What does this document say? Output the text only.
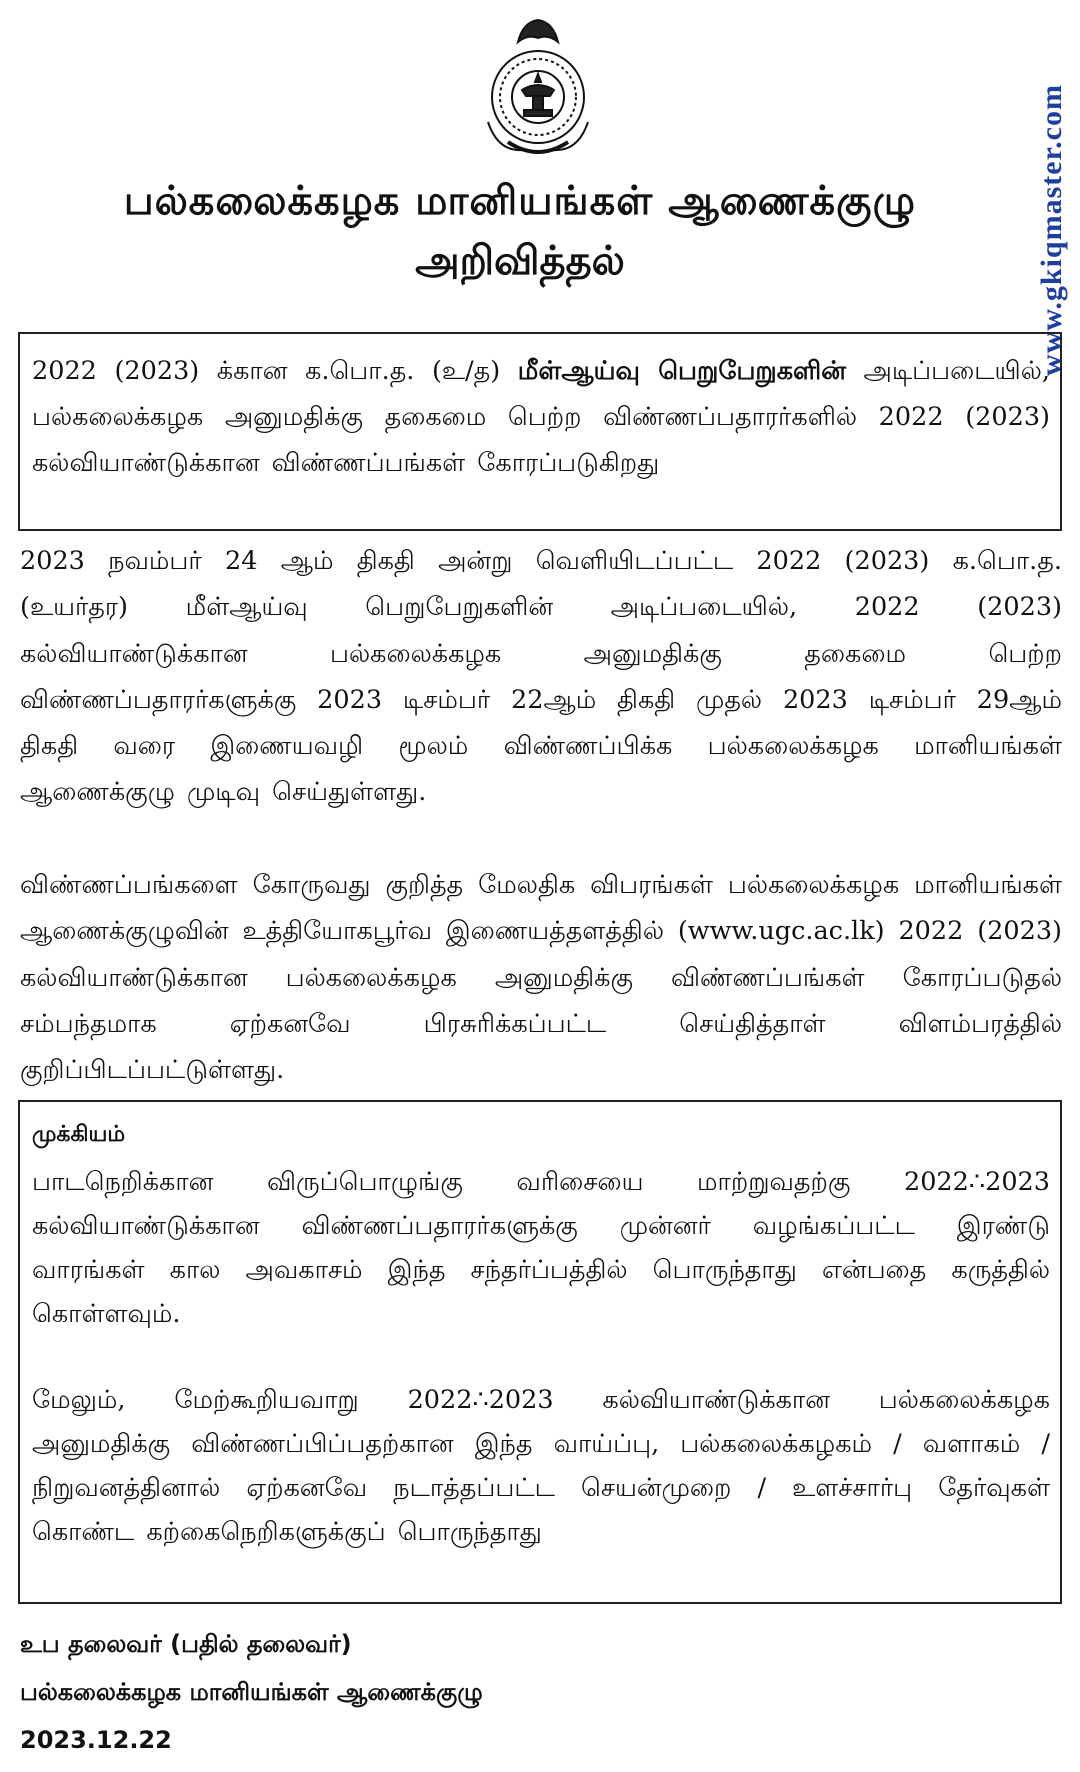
பல்கலைக்கழக மானியங்கள் ஆணைக்குழு
அறிவித்தல்	www.gkiqmaster.com

2022 (2023) க்கான க.பொ.த. (உ/த) மீள்ஆய்வு பெறுபேறுகளின் அடிப்படையில், பல்கலைக்கழக அனுமதிக்கு தகைமை பெற்ற விண்ணப்பதாரர்களில் 2022 (2023) கல்வியாண்டுக்கான விண்ணப்பங்கள் கோரப்படுகிறது

2023 நவம்பர் 24 ஆம் திகதி அன்று வெளியிடப்பட்ட 2022 (2023) க.பொ.த.(உயர்தர) மீள்ஆய்வு பெறுபேறுகளின் அடிப்படையில், 2022 (2023) கல்வியாண்டுக்கான பல்கலைக்கழக அனுமதிக்கு தகைமை பெற்ற விண்ணப்பதாரர்களுக்கு 2023 டிசம்பர் 22ஆம் திகதி முதல் 2023 டிசம்பர் 29ஆம் திகதி வரை இணையவழி மூலம் விண்ணப்பிக்க பல்கலைக்கழக மானியங்கள் ஆணைக்குழு முடிவு செய்துள்ளது.

விண்ணப்பங்களை கோருவது குறித்த மேலதிக விபரங்கள் பல்கலைக்கழக மானியங்கள் ஆணைக்குழுவின் உத்தியோகபூர்வ இணையத்தளத்தில் (www.ugc.ac.lk) 2022 (2023) கல்வியாண்டுக்கான பல்கலைக்கழக அனுமதிக்கு விண்ணப்பங்கள் கோரப்படுதல் சம்பந்தமாக ஏற்கனவே பிரசுரிக்கப்பட்ட செய்தித்தாள் விளம்பரத்தில் குறிப்பிடப்பட்டுள்ளது.

முக்கியம்

பாடநெறிக்கான விருப்பொழுங்கு வரிசையை மாற்றுவதற்கு 2022∴2023 கல்வியாண்டுக்கான விண்ணப்பதாரர்களுக்கு முன்னர் வழங்கப்பட்ட இரண்டு வாரங்கள் கால அவகாசம் இந்த சந்தர்ப்பத்தில் பொருந்தாது என்பதை கருத்தில் கொள்ளவும்.

மேலும், மேற்கூறியவாறு 2022∴2023 கல்வியாண்டுக்கான பல்கலைக்கழக அனுமதிக்கு விண்ணப்பிப்பதற்கான இந்த வாய்ப்பு, பல்கலைக்கழகம் / வளாகம் / நிறுவனத்தினால் ஏற்கனவே நடாத்தப்பட்ட செயன்முறை / உளச்சார்பு தேர்வுகள் கொண்ட கற்கைநெறிகளுக்குப் பொருந்தாது

உப தலைவர் (பதில் தலைவர்)
பல்கலைக்கழக மானியங்கள் ஆணைக்குழு
2023.12.22
